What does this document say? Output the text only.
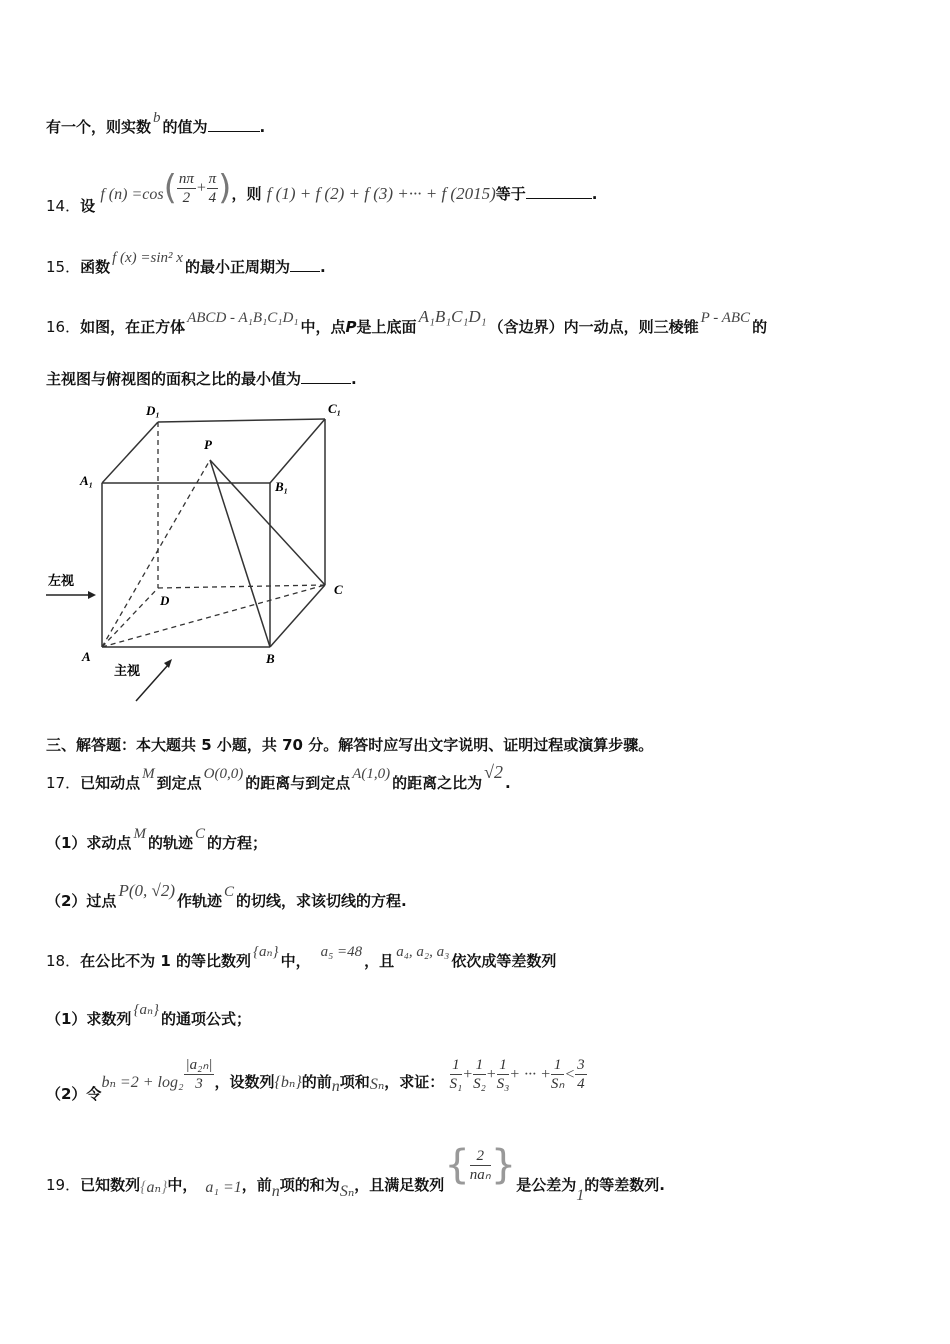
有一个，则实数 b 的值为	.
14．设 f $(n) =\cos( \frac{n\pi}{2} + \frac{\pi}{4}$ )，则 f (1) + f (2) + f (3) +··· + f (2015)等于	.
15．函数 f (x) =sin² x 的最小正周期为 .
16．如图，在正方体 ABCD - A₁B₁C₁D₁ 中，点P是上底面A₁B₁C₁D₁（含边界）内一动点，则三棱锥 P - ABC 的
主视图与俯视图的面积之比的最小值为	.
D₁	C₁
A₁	B₁
P
D
C
A	B
左视
主视
三、解答题：本大题共 5 小题，共 70 分。解答时应写出文字说明、证明过程或演算步骤。
17．已知动点 M 到定点 O(0,0) 的距离与到定点 A(1,0) 的距离之比为√2.
（1）求动点 M 的轨迹 C 的方程；
（2）过点P(0, √2)作轨迹 C 的切线，求该切线的方程.
18．在公比不为 1 的等比数列 {aₙ} 中， a₅ =48 ，且 a₄, a₂, a₃ 依次成等差数列
（1）求数列 {aₙ} 的通项公式；
（2）令$b_n =2 + \log_2 \frac{\text{|a₂ₙ|}}{3}$ ，设数列{bₙ}的前n项和Sₙ，求证： $\frac{1}{\text{S₁}} + \frac{1}{\text{S₂}} + \frac{1}{\text{S₃}}$ + ··· + $\frac{1}{\text{Sₙ}} < \frac{3}{4}$
19．已知数列{aₙ}中， a₁ =1，前n项的和为Sₙ，且满足数列{ $\frac{2}{\text{naₙ}}$ }是公差为1的等差数列.
